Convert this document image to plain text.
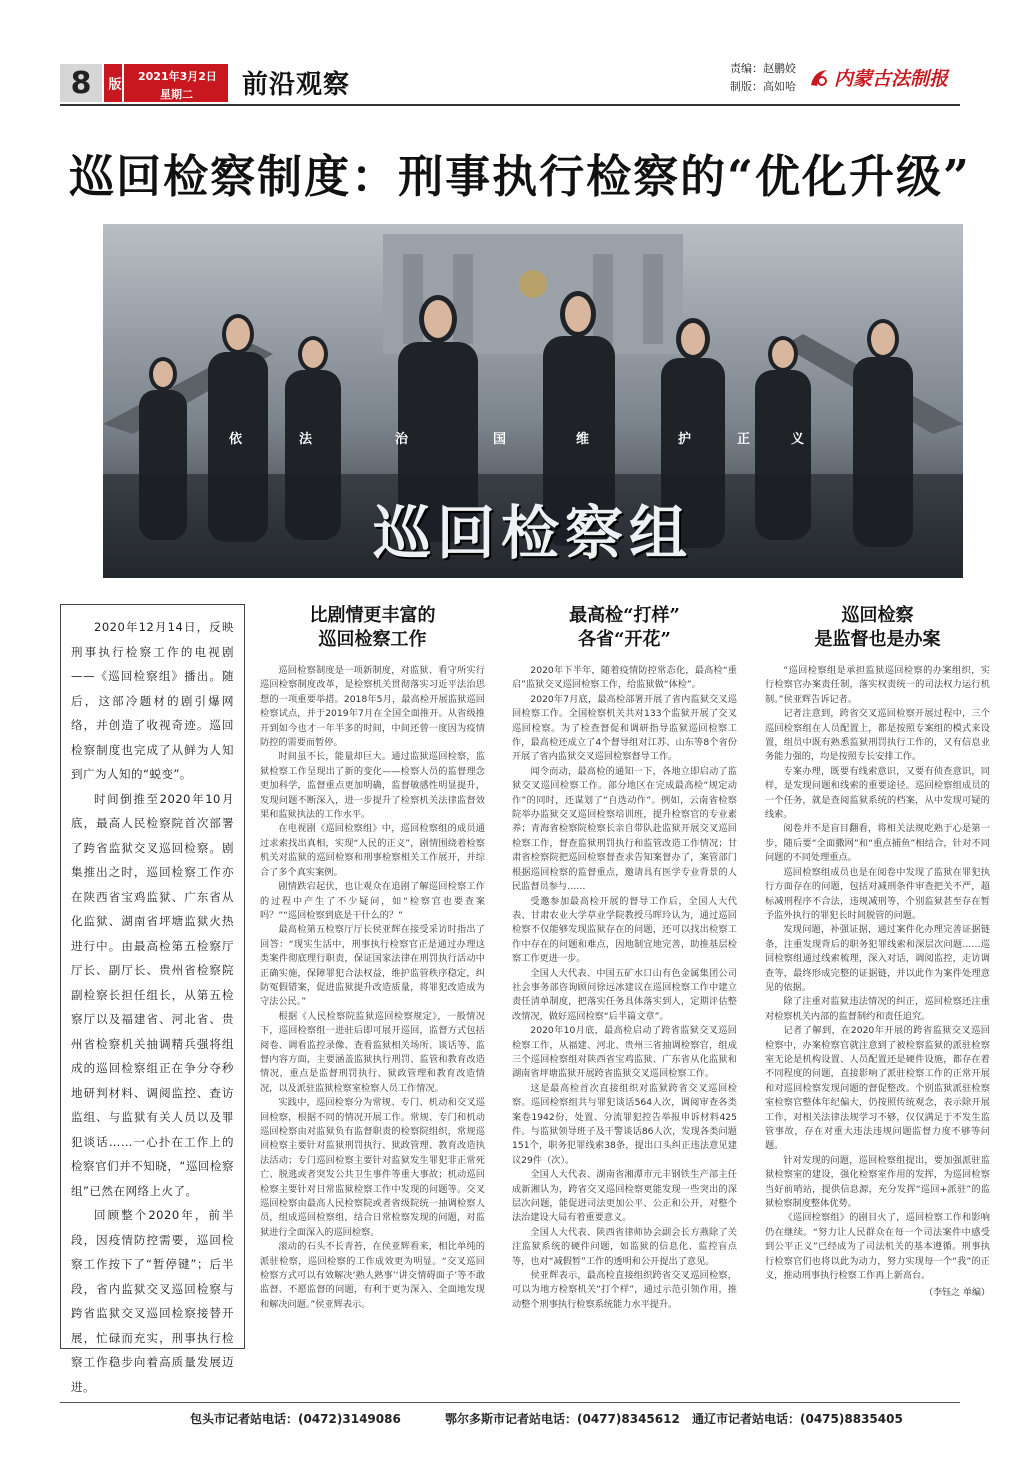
8	版 2021年3月2日
星期二 前沿观察
责编：赵鹏姣
制版：高如哈 内蒙古法制报
巡回检察制度：刑事执行检察的“优化升级”
依	法	治	国	维	护	正	义
巡回检察组

2020年12月14日，反映刑事执行检察工作的电视剧——《巡回检察组》播出。随后，这部冷题材的剧引爆网络，并创造了收视奇迹。巡回检察制度也完成了从鲜为人知到广为人知的“蜕变”。

时间倒推至2020年10月底，最高人民检察院首次部署了跨省监狱交叉巡回检察。剧集推出之时，巡回检察工作亦在陕西省宝鸡监狱、广东省从化监狱、湖南省坪塘监狱火热进行中。由最高检第五检察厅厅长、副厅长、贵州省检察院副检察长担任组长，从第五检察厅以及福建省、河北省、贵州省检察机关抽调精兵强将组成的巡回检察组正在争分夺秒地研判材料、调阅监控、查访监组、与监狱有关人员以及罪犯谈话……一心扑在工作上的检察官们并不知晓，“巡回检察组”已然在网络上火了。

回顾整个2020年，前半段，因疫情防控需要，巡回检察工作按下了“暂停键”；后半段，省内监狱交叉巡回检察与跨省监狱交叉巡回检察接替开展，忙碌而充实，刑事执行检察工作稳步向着高质量发展迈进。

比剧情更丰富的
巡回检察工作

巡回检察制度是一项新制度，对监狱、看守所实行巡回检察制度改革，是检察机关贯彻落实习近平法治思想的一项重要举措。2018年5月，最高检开展监狱巡回检察试点，并于2019年7月在全国全面推开。从省级推开到如今也才一年半多的时间，中间还曾一度因为疫情防控的需要而暂停。

时间虽不长，能量却巨大。通过监狱巡回检察，监狱检察工作呈现出了新的变化——检察人员的监督理念更加科学，监督重点更加明确，监督敏感性明显提升，发现问题不断深入，进一步提升了检察机关法律监督效果和监狱执法的工作水平。

在电视剧《巡回检察组》中，巡回检察组的成员通过求索找出真相，实现“人民的正义”，剧情围绕着检察机关对监狱的巡回检察和刑事检察相关工作展开，并综合了多个真实案例。

剧情跌宕起伏，也让观众在追剧了解巡回检察工作的过程中产生了不少疑问，如“检察官也要查案吗？”“巡回检察到底是干什么的？”

最高检第五检察厅厅长侯亚辉在接受采访时指出了回答：“现实生活中，刑事执行检察官正是通过办理这类案件彻底理行职责，保证国家法律在刑罚执行活动中正确实施，保障罪犯合法权益，维护监管秩序稳定，纠防冤假错案，促进监狱提升改造质量，将罪犯改造成为守法公民。”

根据《人民检察院监狱巡回检察规定》，一般情况下，巡回检察组一进驻后即可展开巡回，监督方式包括阅卷、调看监控录像、查看监狱相关场所、谈话等、监督内容方面，主要涵盖监狱执行刑罚、监管和教育改造情况，重点是监督刑罚执行、狱政管理和教育改造情况，以及派驻监狱检察室检察人员工作情况。

实践中，巡回检察分为常规、专门、机动和交叉巡回检察，根据不同的情况开展工作。常规、专门和机动巡回检察由对监狱负有监督职责的检察院组织，常规巡回检察主要针对监狱刑罚执行、狱政管理、教育改造执法活动；专门巡回检察主要针对监狱发生罪犯非正常死亡、脱逃或者突发公共卫生事件等重大事故；机动巡回检察主要针对日常监狱检察工作中发现的问题等。交叉巡回检察由最高人民检察院或者省级院统一抽调检察人员，组成巡回检察组，结合日常检察发现的问题，对监狱进行全面深入的巡回检察。

滚动的石头不长青苔，在侯亚辉看来，相比单纯的派驻检察，巡回检察的工作成效更为明显。“交叉巡回检察方式可以有效解决‘熟人熟事’‘讲交情碍面子’等不敢监督、不愿监督的问题，有利于更为深入、全面地发现和解决问题。”侯亚辉表示。

最高检“打样”
各省“开花”

2020年下半年，随着疫情防控常态化，最高检“重启”监狱交叉巡回检察工作，给监狱做“体检”。

2020年7月底，最高检部署开展了省内监狱交叉巡回检察工作。全国检察机关共对133个监狱开展了交叉巡回检察。为了检查督促和调研指导监狱巡回检察工作，最高检还成立了4个督导组对江苏、山东等8个省份开展了省内监狱交叉巡回检察督导工作。

闻令而动，最高检的通知一下，各地立即启动了监狱交叉巡回检察工作。部分地区在完成最高检“规定动作”的同时，还谋划了“自选动作”。例如，云南省检察院举办监狱交叉巡回检察培训班，提升检察官的专业素养；青海省检察院检察长亲自带队赴监狱开展交叉巡回检察工作，督查监狱刑罚执行和监管改造工作情况；甘肃省检察院把巡回检察督查求告知案督办了，案管部门根据巡回检察的监督重点，邀请具有医学专业背景的人民监督员参与……

受邀参加最高检开展的督导工作后，全国人大代表、甘肃农业大学草业学院教授马晖玲认为，通过巡回检察不仅能够发现监狱存在的问题，还可以找出检察工作中存在的问题和难点，因地制宜地完善，助推基层检察工作更进一步。

全国人大代表、中国五矿水口山有色金属集团公司社会事务部咨询顾问徐远冰建议在巡回检察工作中建立责任清单制度，把落实任务具体落实到人，定期评估整改情况，做好巡回检察“后半篇文章”。

2020年10月底，最高检启动了跨省监狱交叉巡回检察工作，从福建、河北、贵州三省抽调检察官，组成三个巡回检察组对陕西省宝鸡监狱、广东省从化监狱和湖南省坪塘监狱开展跨省监狱交叉巡回检察工作。

这是最高检首次直接组织对监狱跨省交叉巡回检察。巡回检察组共与罪犯谈话564人次，调阅审查各类案卷1942份，处置、分流罪犯控告举报申诉材料425件。与监狱领导班子及干警谈话86人次，发现各类问题151个，职务犯罪线索38条，提出口头纠正违法意见建议29件（次）。

全国人大代表、湖南省湘潭市元丰钢铁生产部主任成新湘认为，跨省交叉巡回检察更能发现一些突出的深层次问题，能促进司法更加公平、公正和公开，对整个法治建设大局有着重要意义。

全国人大代表、陕西省律师协会副会长方燕除了关注监狱系统的硬件问题，如监狱的信息化、监控盲点等，也对“减假暂”工作的透明和公开提出了意见。

侯亚辉表示，最高检直接组织跨省交叉巡回检察，可以为地方检察机关“打个样”，通过示范引领作用，推动整个刑事执行检察系统能力水平提升。

巡回检察
是监督也是办案

“巡回检察组是承担监狱巡回检察的办案组织，实行检察官办案责任制，落实权责统一的司法权力运行机制。”侯亚辉告诉记者。

记者注意到，跨省交叉巡回检察开展过程中，三个巡回检察组在人员配置上，都是按照专案组的模式来设置，组员中既有熟悉监狱刑罚执行工作的，又有信息业务能力强的，均是按照专长安排工作。

专案办理，既要有线索意识，又要有侦查意识，同样，是发现问题和线索的重要途径。巡回检察组成员的一个任务，就是查阅监狱系统的档案，从中发现可疑的线索。

阅卷并不是盲目翻看，将相关法规吃熟于心是第一步，随后要“全面撒网”和“重点捕鱼”相结合，针对不同问题的不同处理重点。

巡回检察组成员也是在阅卷中发现了监狱在罪犯执行方面存在的问题，包括对减刑条件审查把关不严，超标减刑程序不合法，违规减刑等，个别监狱甚至存在暂予监外执行的罪犯长时间脱管的问题。

发现问题，补强证据，通过案件化办理完善证据链条，注重发现背后的职务犯罪线索和深层次问题……巡回检察组通过线索梳理，深入对话，调阅监控，走访调查等，最终形成完整的证据链，并以此作为案件处理意见的依据。

除了注重对监狱违法情况的纠正，巡回检察还注重对检察机关内部的监督制约和责任追究。

记者了解到，在2020年开展的跨省监狱交叉巡回检察中，办案检察官就注意到了被检察监狱的派驻检察室无论是机构设置、人员配置还是硬件设施，都存在着不同程度的问题，直接影响了派驻检察工作的正常开展和对巡回检察发现问题的督促整改。个别监狱派驻检察室检察官整体年纪偏大，仍按照传统观念，表示除开展工作，对相关法律法规学习不够，仅仅满足于不发生监管事故，存在对重大违法违规问题监督力度不够等问题。

针对发现的问题，巡回检察组提出，要加强派驻监狱检察室的建设，强化检察室作用的发挥，为巡回检察当好前哨站，提供信息源，充分发挥“巡回+派驻”的监狱检察制度整体优势。

《巡回检察组》的剧目火了，巡回检察工作和影响仍在继续。“努力让人民群众在每一个司法案件中感受到公平正义”已经成为了司法机关的基本遵循。刑事执行检察官们也将以此为动力，努力实现每一个“我”的正义，推动刑事执行检察工作再上新高台。

（李钰之 单编）
包头市记者站电话：(0472)3149086	鄂尔多斯市记者站电话：(0477)8345612 通辽市记者站电话：(0475)8835405
